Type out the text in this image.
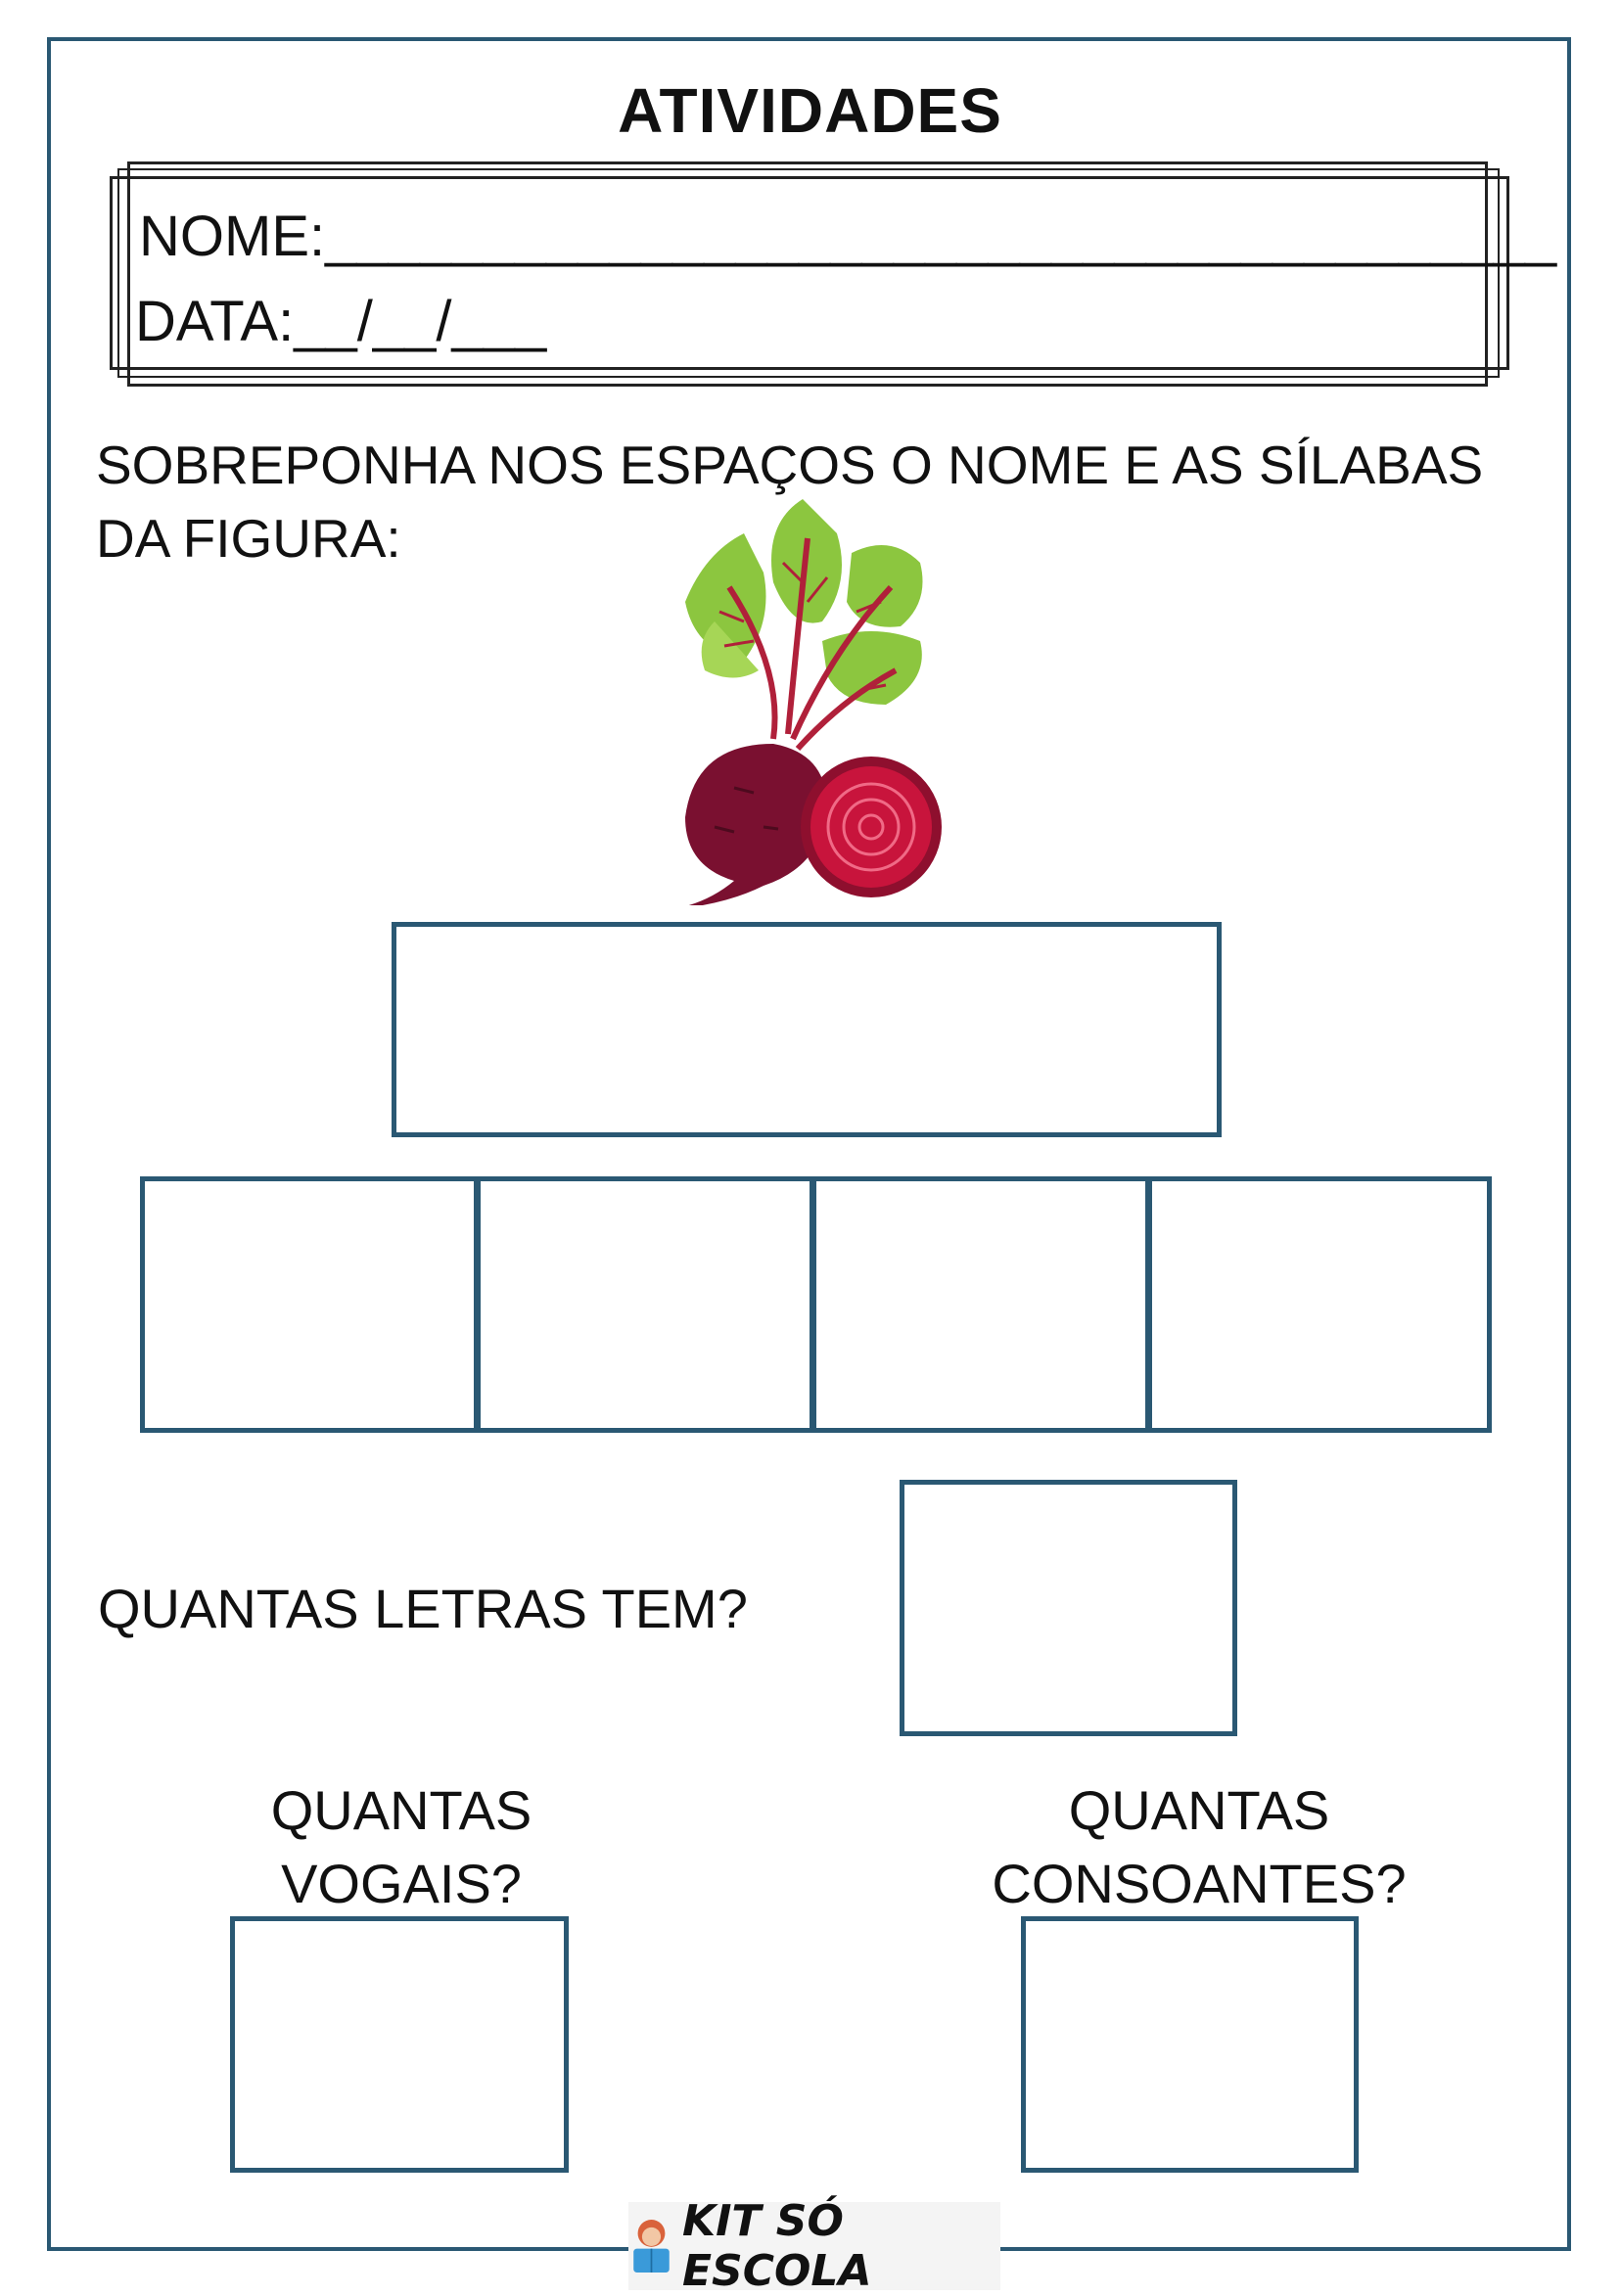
ATIVIDADES
NOME:_______________________________________
DATA:__/__/___
SOBREPONHA NOS ESPAÇOS O NOME E AS SÍLABAS DA FIGURA:
QUANTAS LETRAS TEM?
QUANTAS
VOGAIS?
QUANTAS
CONSOANTES?
KIT SÓ ESCOLA
